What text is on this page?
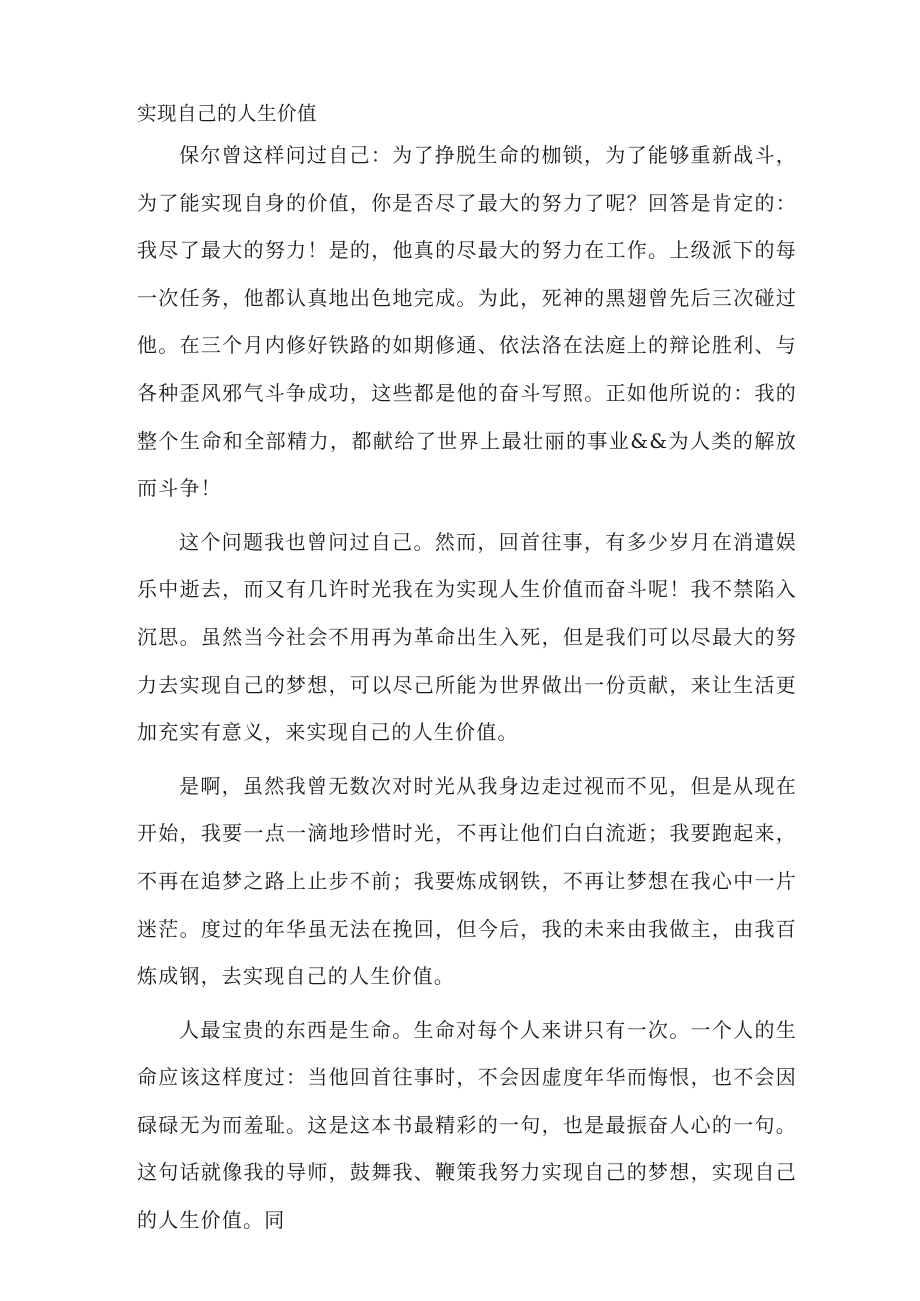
实现自己的人生价值

保尔曾这样问过自己：为了挣脱生命的枷锁，为了能够重新战斗，为了能实现自身的价值，你是否尽了最大的努力了呢？回答是肯定的：我尽了最大的努力！是的，他真的尽最大的努力在工作。上级派下的每一次任务，他都认真地出色地完成。为此，死神的黑翅曾先后三次碰过他。在三个月内修好铁路的如期修通、依法洛在法庭上的辩论胜利、与各种歪风邪气斗争成功，这些都是他的奋斗写照。正如他所说的：我的整个生命和全部精力，都献给了世界上最壮丽的事业&&为人类的解放而斗争！

这个问题我也曾问过自己。然而，回首往事，有多少岁月在消遣娱乐中逝去，而又有几许时光我在为实现人生价值而奋斗呢！我不禁陷入沉思。虽然当今社会不用再为革命出生入死，但是我们可以尽最大的努力去实现自己的梦想，可以尽己所能为世界做出一份贡献，来让生活更加充实有意义，来实现自己的人生价值。

是啊，虽然我曾无数次对时光从我身边走过视而不见，但是从现在开始，我要一点一滴地珍惜时光，不再让他们白白流逝；我要跑起来，不再在追梦之路上止步不前；我要炼成钢铁，不再让梦想在我心中一片迷茫。度过的年华虽无法在挽回，但今后，我的未来由我做主，由我百炼成钢，去实现自己的人生价值。

人最宝贵的东西是生命。生命对每个人来讲只有一次。一个人的生命应该这样度过：当他回首往事时，不会因虚度年华而悔恨，也不会因碌碌无为而羞耻。这是这本书最精彩的一句，也是最振奋人心的一句。这句话就像我的导师，鼓舞我、鞭策我努力实现自己的梦想，实现自己的人生价值。同
